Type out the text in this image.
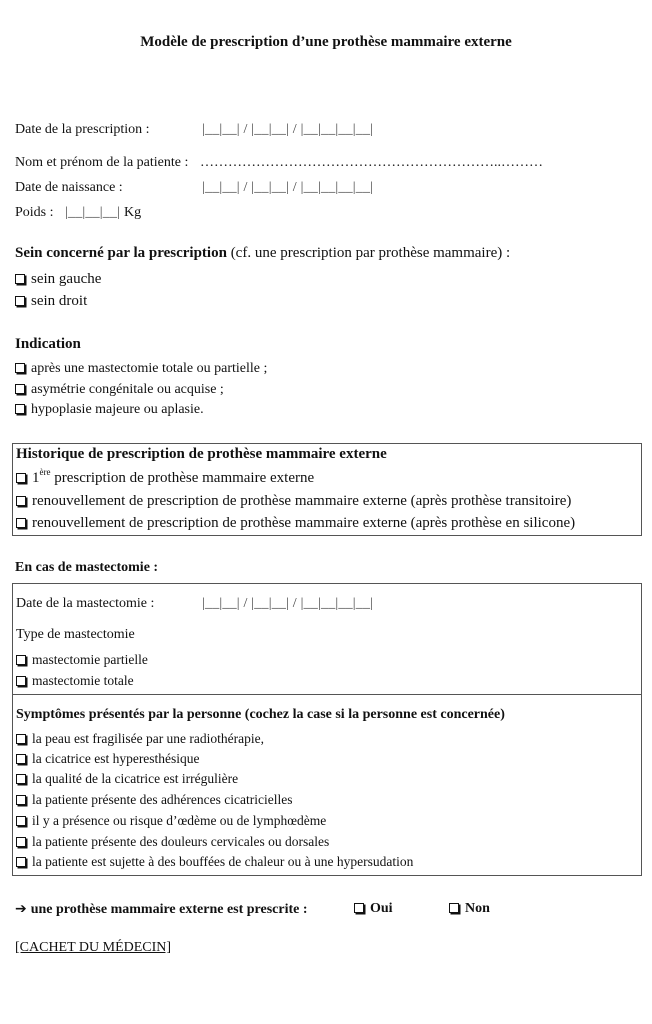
Modèle de prescription d’une prothèse mammaire externe
Date de la prescription :	|__|__| / |__|__| / |__|__|__|__|
Nom et prénom de la patiente : ………………………………………………………..………
Date de naissance :	|__|__| / |__|__| / |__|__|__|__|
Poids : |__|__|__| Kg
Sein concerné par la prescription (cf. une prescription par prothèse mammaire) :
sein gauche
sein droit
Indication
après une mastectomie totale ou partielle ;
asymétrie congénitale ou acquise ;
hypoplasie majeure ou aplasie.
Historique de prescription de prothèse mammaire externe
1ère prescription de prothèse mammaire externe
renouvellement de prescription de prothèse mammaire externe (après prothèse transitoire)
renouvellement de prescription de prothèse mammaire externe (après prothèse en silicone)
En cas de mastectomie :
Date de la mastectomie :	|__|__| / |__|__| / |__|__|__|__|
Type de mastectomie
mastectomie partielle
mastectomie totale
Symptômes présentés par la personne (cochez la case si la personne est concernée)
la peau est fragilisée par une radiothérapie,
la cicatrice est hyperesthésique
la qualité de la cicatrice est irrégulière
la patiente présente des adhérences cicatricielles
il y a présence ou risque d’œdème ou de lymphœdème
la patiente présente des douleurs cervicales ou dorsales
la patiente est sujette à des bouffées de chaleur ou à une hypersudation
➔ une prothèse mammaire externe est prescrite :	Oui	Non
[CACHET DU MÉDECIN]
